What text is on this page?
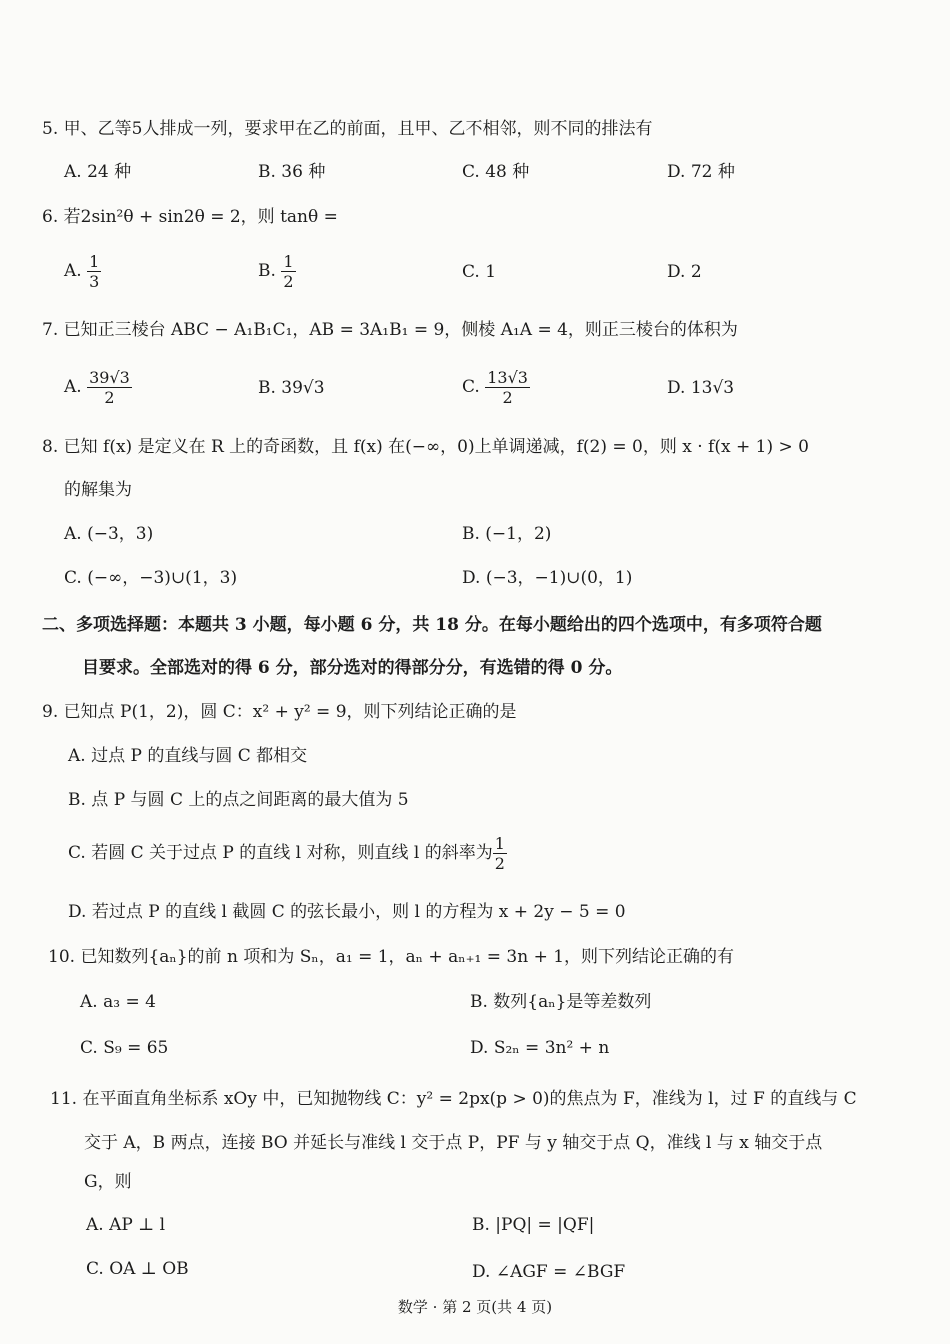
5. 甲、乙等5人排成一列，要求甲在乙的前面，且甲、乙不相邻，则不同的排法有
A. 24 种	B. 36 种	C. 48 种	D. 72 种
6. 若2sin²θ + sin2θ = 2，则 tanθ =
A. $\frac{1}{3}$	B. $\frac{1}{2}$	C. 1	D. 2
7. 已知正三棱台 ABC − A₁B₁C₁，AB = 3A₁B₁ = 9，侧棱 A₁A = 4，则正三棱台的体积为
A. $\frac{39√3}{2}$	B. 39√3	C. $\frac{13√3}{2}$	D. 13√3
8. 已知 f(x) 是定义在 R 上的奇函数，且 f(x) 在(−∞，0)上单调递减，f(2) = 0，则 x · f(x + 1) > 0
的解集为
A. (−3，3)	B. (−1，2)
C. (−∞，−3)∪(1，3)	D. (−3，−1)∪(0，1)
二、多项选择题：本题共 3 小题，每小题 6 分，共 18 分。在每小题给出的四个选项中，有多项符合题
目要求。全部选对的得 6 分，部分选对的得部分分，有选错的得 0 分。
9. 已知点 P(1，2)，圆 C：x² + y² = 9，则下列结论正确的是
A. 过点 P 的直线与圆 C 都相交
B. 点 P 与圆 C 上的点之间距离的最大值为 5
C. 若圆 C 关于过点 P 的直线 l 对称，则直线 l 的斜率为 $\frac{1}{2}$
D. 若过点 P 的直线 l 截圆 C 的弦长最小，则 l 的方程为 x + 2y − 5 = 0
10. 已知数列{aₙ}的前 n 项和为 Sₙ，a₁ = 1，aₙ + aₙ₊₁ = 3n + 1，则下列结论正确的有
A. a₃ = 4	B. 数列{aₙ}是等差数列
C. S₉ = 65	D. S₂ₙ = 3n² + n
11. 在平面直角坐标系 xOy 中，已知抛物线 C：y² = 2px(p > 0)的焦点为 F，准线为 l，过 F 的直线与 C
交于 A，B 两点，连接 BO 并延长与准线 l 交于点 P，PF 与 y 轴交于点 Q，准线 l 与 x 轴交于点
G，则
A. AP ⊥ l	B. |PQ| = |QF|
C. OA ⊥ OB	D. ∠AGF = ∠BGF
数学 · 第 2 页(共 4 页)
